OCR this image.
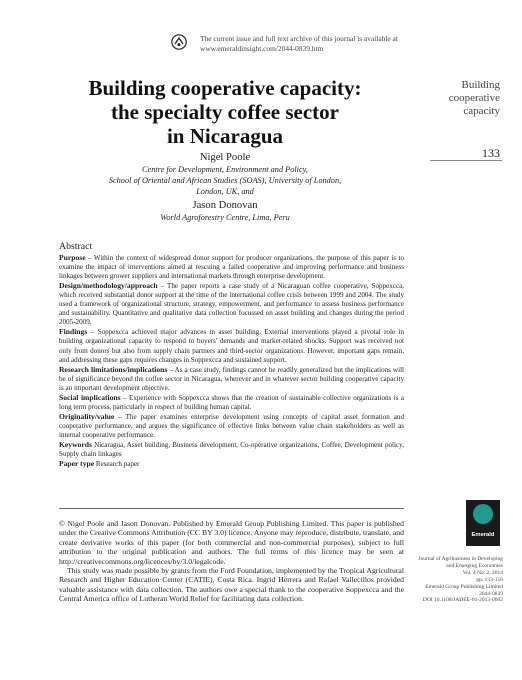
The current issue and full text archive of this journal is available at
www.emeraldinsight.com/2044-0839.htm
Building cooperative capacity:
the specialty coffee sector
in Nicaragua
Building
cooperative
capacity
133
Nigel Poole
Centre for Development, Environment and Policy,
School of Oriental and African Studies (SOAS), University of London,
London, UK, and
Jason Donovan
World Agroforestry Centre, Lima, Peru
Abstract

Purpose – Within the context of widespread donor support for producer organizations, the purpose of this paper is to examine the impact of interventions aimed at rescuing a failed cooperative and improving performance and business linkages between grower suppliers and international markets through enterprise development.

Design/methodology/approach – The paper reports a case study of a Nicaraguan coffee cooperative, Soppexcca, which received substantial donor support at the time of the international coffee crisis between 1999 and 2004. The study used a framework of organizational structure, strategy, empowerment, and performance to assess business performance and sustainability. Quantitative and qualitative data collection focussed on asset building and changes during the period 2005-2009.

Findings – Soppexcca achieved major advances in asset building. External interventions played a pivotal role in building organizational capacity to respond to buyers' demands and market-related shocks. Support was received not only from donors but also from supply chain partners and third-sector organizations. However, important gaps remain, and addressing these gaps requires changes in Soppexcca and sustained support.

Research limitations/implications – As a case study, findings cannot be readily generalized but the implications will be of significance beyond the coffee sector in Nicaragua, wherever and in whatever sector building cooperative capacity is an important development objective.

Social implications – Experience with Soppexcca shows that the creation of sustainable collective organizations is a long term process, particularly in respect of building human capital.

Originality/value – The paper examines enterprise development using concepts of capital asset formation and cooperative performance, and argues the significance of effective links between value chain stakeholders as well as internal cooperative performance.

Keywords Nicaragua, Asset building, Business development, Co-operative organizations, Coffee, Development policy, Supply chain linkages

Paper type Research paper

© Nigel Poole and Jason Donovan. Published by Emerald Group Publishing Limited. This paper is published under the Creative Commons Attribution (CC BY 3.0) licence. Anyone may reproduce, distribute, translate, and create derivative works of this paper (for both commercial and non-commercial purposes), subject to full attribution to the original publication and authors. The full terms of this licence may be seen at http://creativecommons.org/licences/by/3.0/legalcode.

This study was made possible by grants from the Ford Foundation, implemented by the Tropical Agricultural Research and Higher Education Center (CATIE), Costa Rica. Ingrid Herrera and Rafael Vallecillos provided valuable assistance with data collection. The authors owe a special thank to the cooperative Soppexcca and the Central America office of Lutheran World Relief for facilitating data collection.

Emerald
Journal of Agribusiness in Developing
and Emerging Economies
Vol. 4 No. 2, 2014
pp. 133-156
Emerald Group Publishing Limited
2044-0839
DOI 10.1108/JADEE-01-2013-0002
